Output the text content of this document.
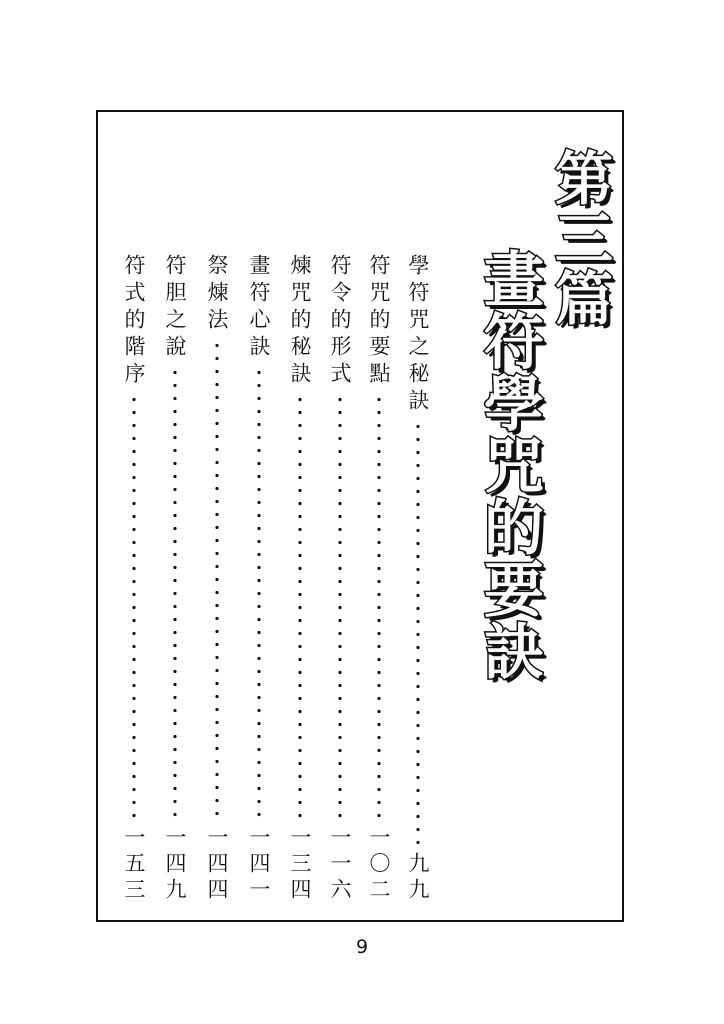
第三篇
畫符學咒的要訣
學符咒之秘訣
九九
符咒的要點
一〇二
符令的形式
一一六
煉咒的秘訣
一三四
畫符心訣
一四一
祭煉法
一四四
符胆之說
一四九
符式的階序
一五三
9
